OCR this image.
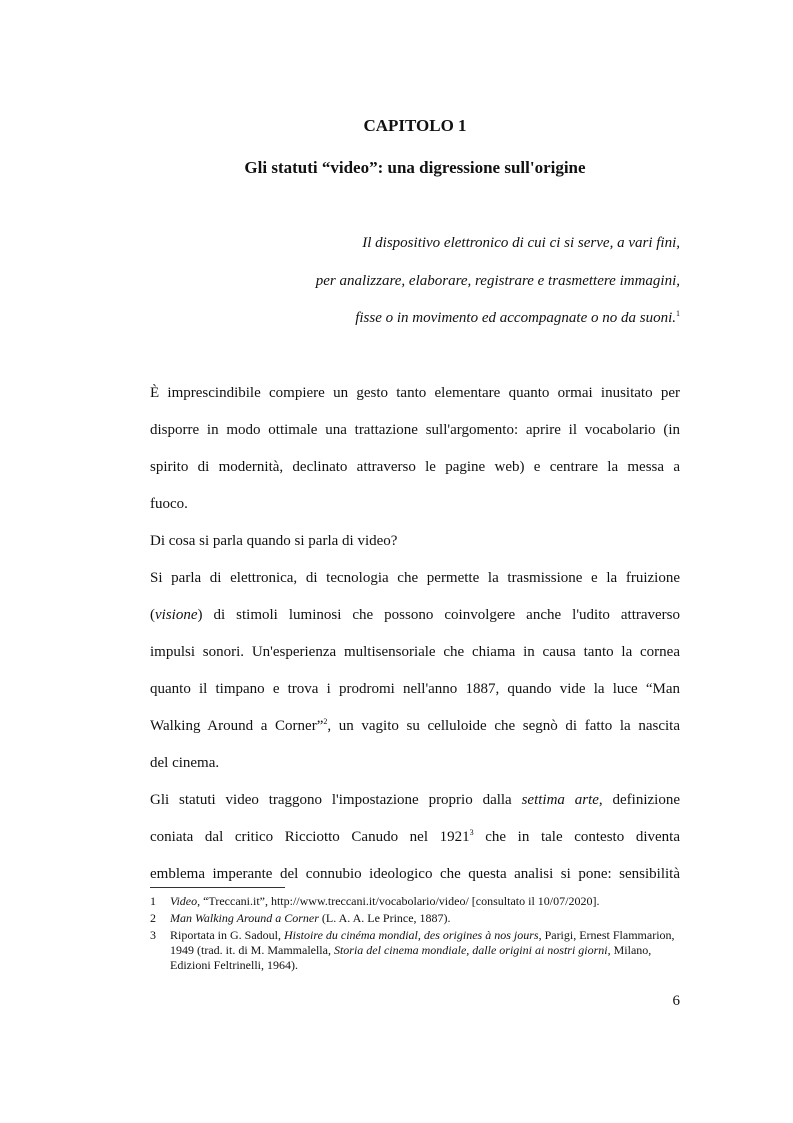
CAPITOLO 1
Gli statuti “video”: una digressione sull'origine
Il dispositivo elettronico di cui ci si serve, a vari fini,
per analizzare, elaborare, registrare e trasmettere immagini,
fisse o in movimento ed accompagnate o no da suoni.$^1$
È imprescindibile compiere un gesto tanto elementare quanto ormai inusitato per
disporre in modo ottimale una trattazione sull'argomento: aprire il vocabolario (in
spirito di modernità, declinato attraverso le pagine web) e centrare la messa a
fuoco.
Di cosa si parla quando si parla di video?
Si parla di elettronica, di tecnologia che permette la trasmissione e la fruizione
(visione) di stimoli luminosi che possono coinvolgere anche l'udito attraverso
impulsi sonori. Un'esperienza multisensoriale che chiama in causa tanto la cornea
quanto il timpano e trova i prodromi nell'anno 1887, quando vide la luce “Man
Walking Around a Corner”$^2$, un vagito su celluloide che segnò di fatto la nascita
del cinema.
Gli statuti video traggono l'impostazione proprio dalla settima arte, definizione
coniata dal critico Ricciotto Canudo nel 1921$^3$ che in tale contesto diventa
emblema imperante del connubio ideologico che questa analisi si pone: sensibilità
1 Video, “Treccani.it”, http://www.treccani.it/vocabolario/video/ [consultato il 10/07/2020].
2 Man Walking Around a Corner (L. A. A. Le Prince, 1887).
3 Riportata in G. Sadoul, Histoire du cinéma mondial, des origines à nos jours, Parigi, Ernest Flammarion, 1949 (trad. it. di M. Mammalella, Storia del cinema mondiale, dalle origini ai nostri giorni, Milano, Edizioni Feltrinelli, 1964).
6
